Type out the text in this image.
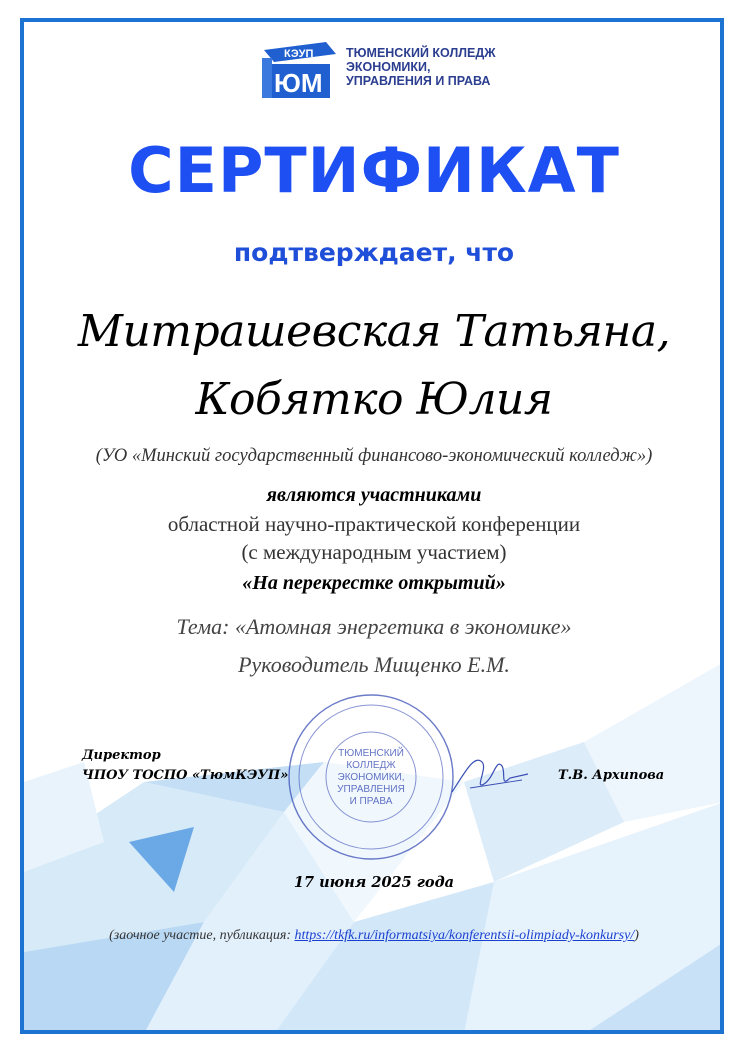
КЭУП
ЮМ
ТЮМЕНСКИЙ КОЛЛЕДЖ
ЭКОНОМИКИ,
УПРАВЛЕНИЯ И ПРАВА
СЕРТИФИКАТ
подтверждает, что
Митрашевская Татьяна,
Кобятко Юлия
(УО «Минский государственный финансово-экономический колледж»)
являются участниками
областной научно-практической конференции
(с международным участием)
«На перекрестке открытий»
Тема: «Атомная энергетика в экономике»
Руководитель Мищенко Е.М.
Директор
ЧПОУ ТОСПО «ТюмКЭУП»	Т.В. Архипова
ТЮМЕНСКИЙ
КОЛЛЕДЖ
ЭКОНОМИКИ,
УПРАВЛЕНИЯ
И ПРАВА
17 июня 2025 года
(заочное участие, публикация: https://tkfk.ru/informatsiya/konferentsii-olimpiady-konkursy/)
